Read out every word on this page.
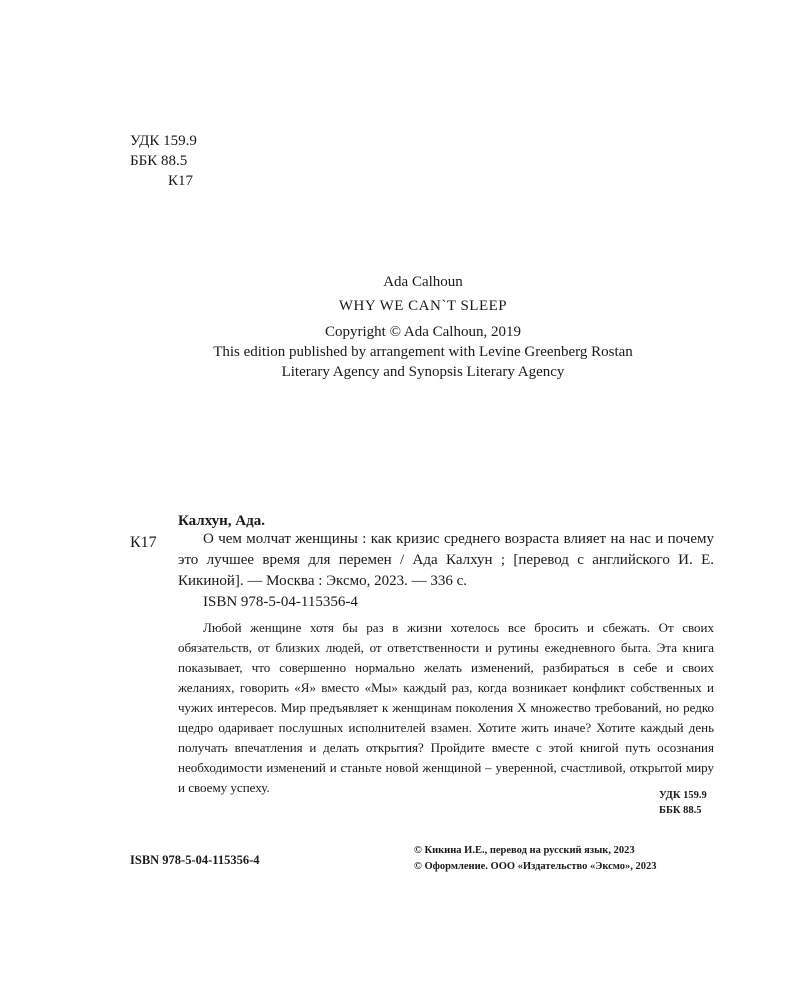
УДК 159.9
ББК 88.5
К17
Ada Calhoun
WHY WE CAN`T SLEEP
Copyright © Ada Calhoun, 2019
This edition published by arrangement with Levine Greenberg Rostan
Literary Agency and Synopsis Literary Agency
Калхун, Ада.
К17	О чем молчат женщины : как кризис среднего возраста влияет на нас и почему это лучшее время для перемен / Ада Калхун ; [перевод с английского И. Е. Кикиной]. — Москва : Эксмо, 2023. — 336 с.
ISBN 978-5-04-115356-4
Любой женщине хотя бы раз в жизни хотелось все бросить и сбежать. От своих обязательств, от близких людей, от ответственности и рутины ежедневного быта. Эта книга показывает, что совершенно нормально желать изменений, разбираться в себе и своих желаниях, говорить «Я» вместо «Мы» каждый раз, когда возникает конфликт собственных и чужих интересов. Мир предъявляет к женщинам поколения Х множество требований, но редко щедро одаривает послушных исполнителей взамен. Хотите жить иначе? Хотите каждый день получать впечатления и делать открытия? Пройдите вместе с этой книгой путь осознания необходимости изменений и станьте новой женщиной – уверенной, счастливой, открытой миру и своему успеху.
УДК 159.9
ББК 88.5
ISBN 978-5-04-115356-4
© Кикина И.Е., перевод на русский язык, 2023
© Оформление. ООО «Издательство «Эксмо», 2023
